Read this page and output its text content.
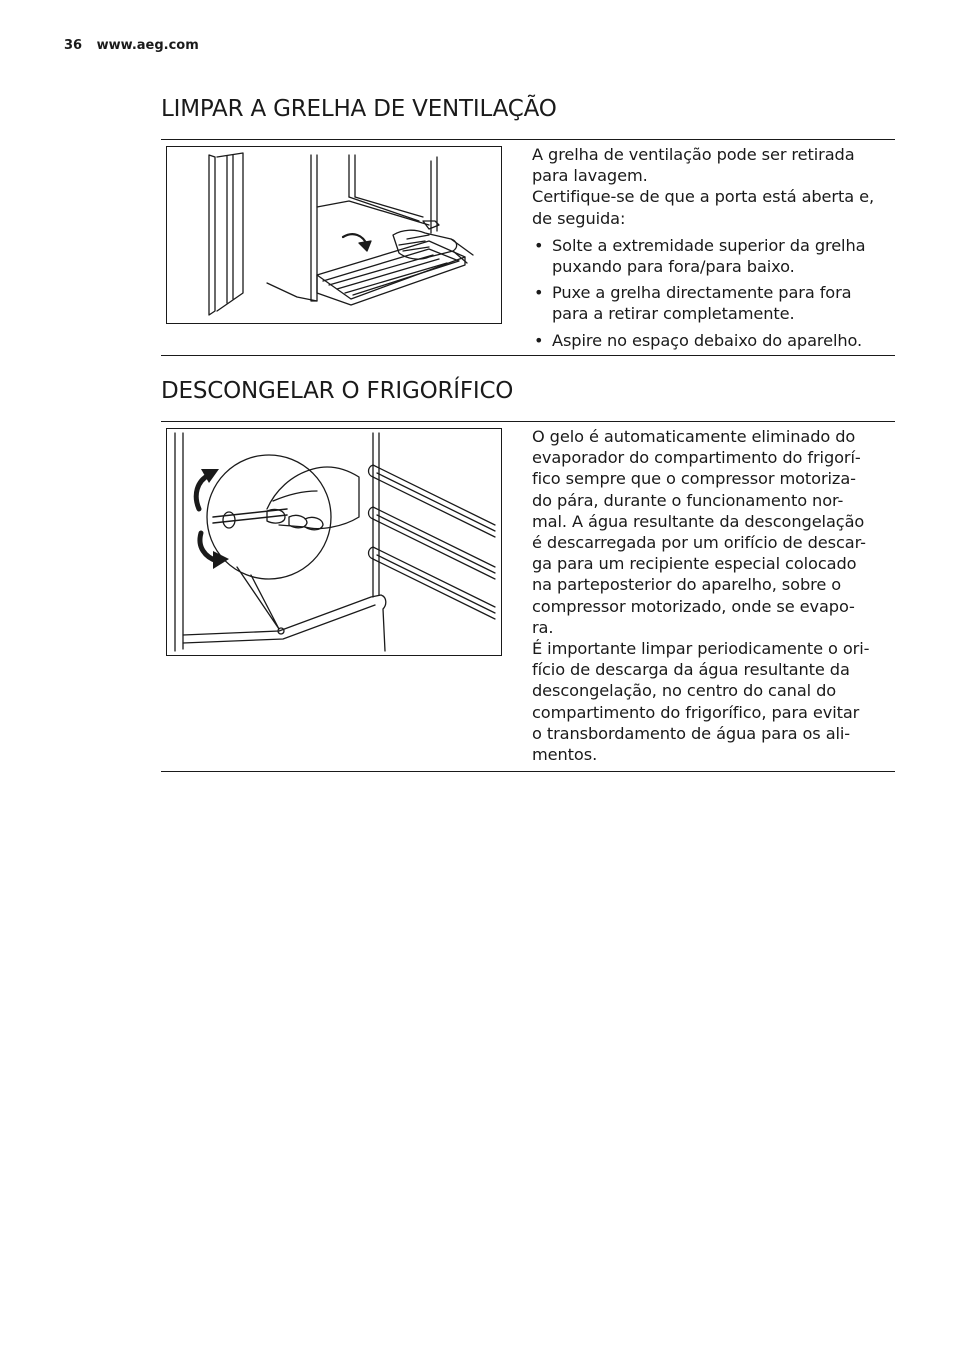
36 www.aeg.com
LIMPAR A GRELHA DE VENTILAÇÃO

A grelha de ventilação pode ser retirada para lavagem.

Certifique-se de que a porta está aberta e, de seguida:

• Solte a extremidade superior da grelha puxando para fora/para baixo.
• Puxe a grelha directamente para fora para a retirar completamente.
• Aspire no espaço debaixo do aparelho.
DESCONGELAR O FRIGORÍFICO

O gelo é automaticamente eliminado do
evaporador do compartimento do frigorí-
fico sempre que o compressor motoriza-
do pára, durante o funcionamento nor-
mal. A água resultante da descongelação
é descarregada por um orifício de descar-
ga para um recipiente especial colocado
na parteposterior do aparelho, sobre o
compressor motorizado, onde se evapo-
ra.

É importante limpar periodicamente o ori-
fício de descarga da água resultante da
descongelação, no centro do canal do
compartimento do frigorífico, para evitar
o transbordamento de água para os ali-
mentos.
